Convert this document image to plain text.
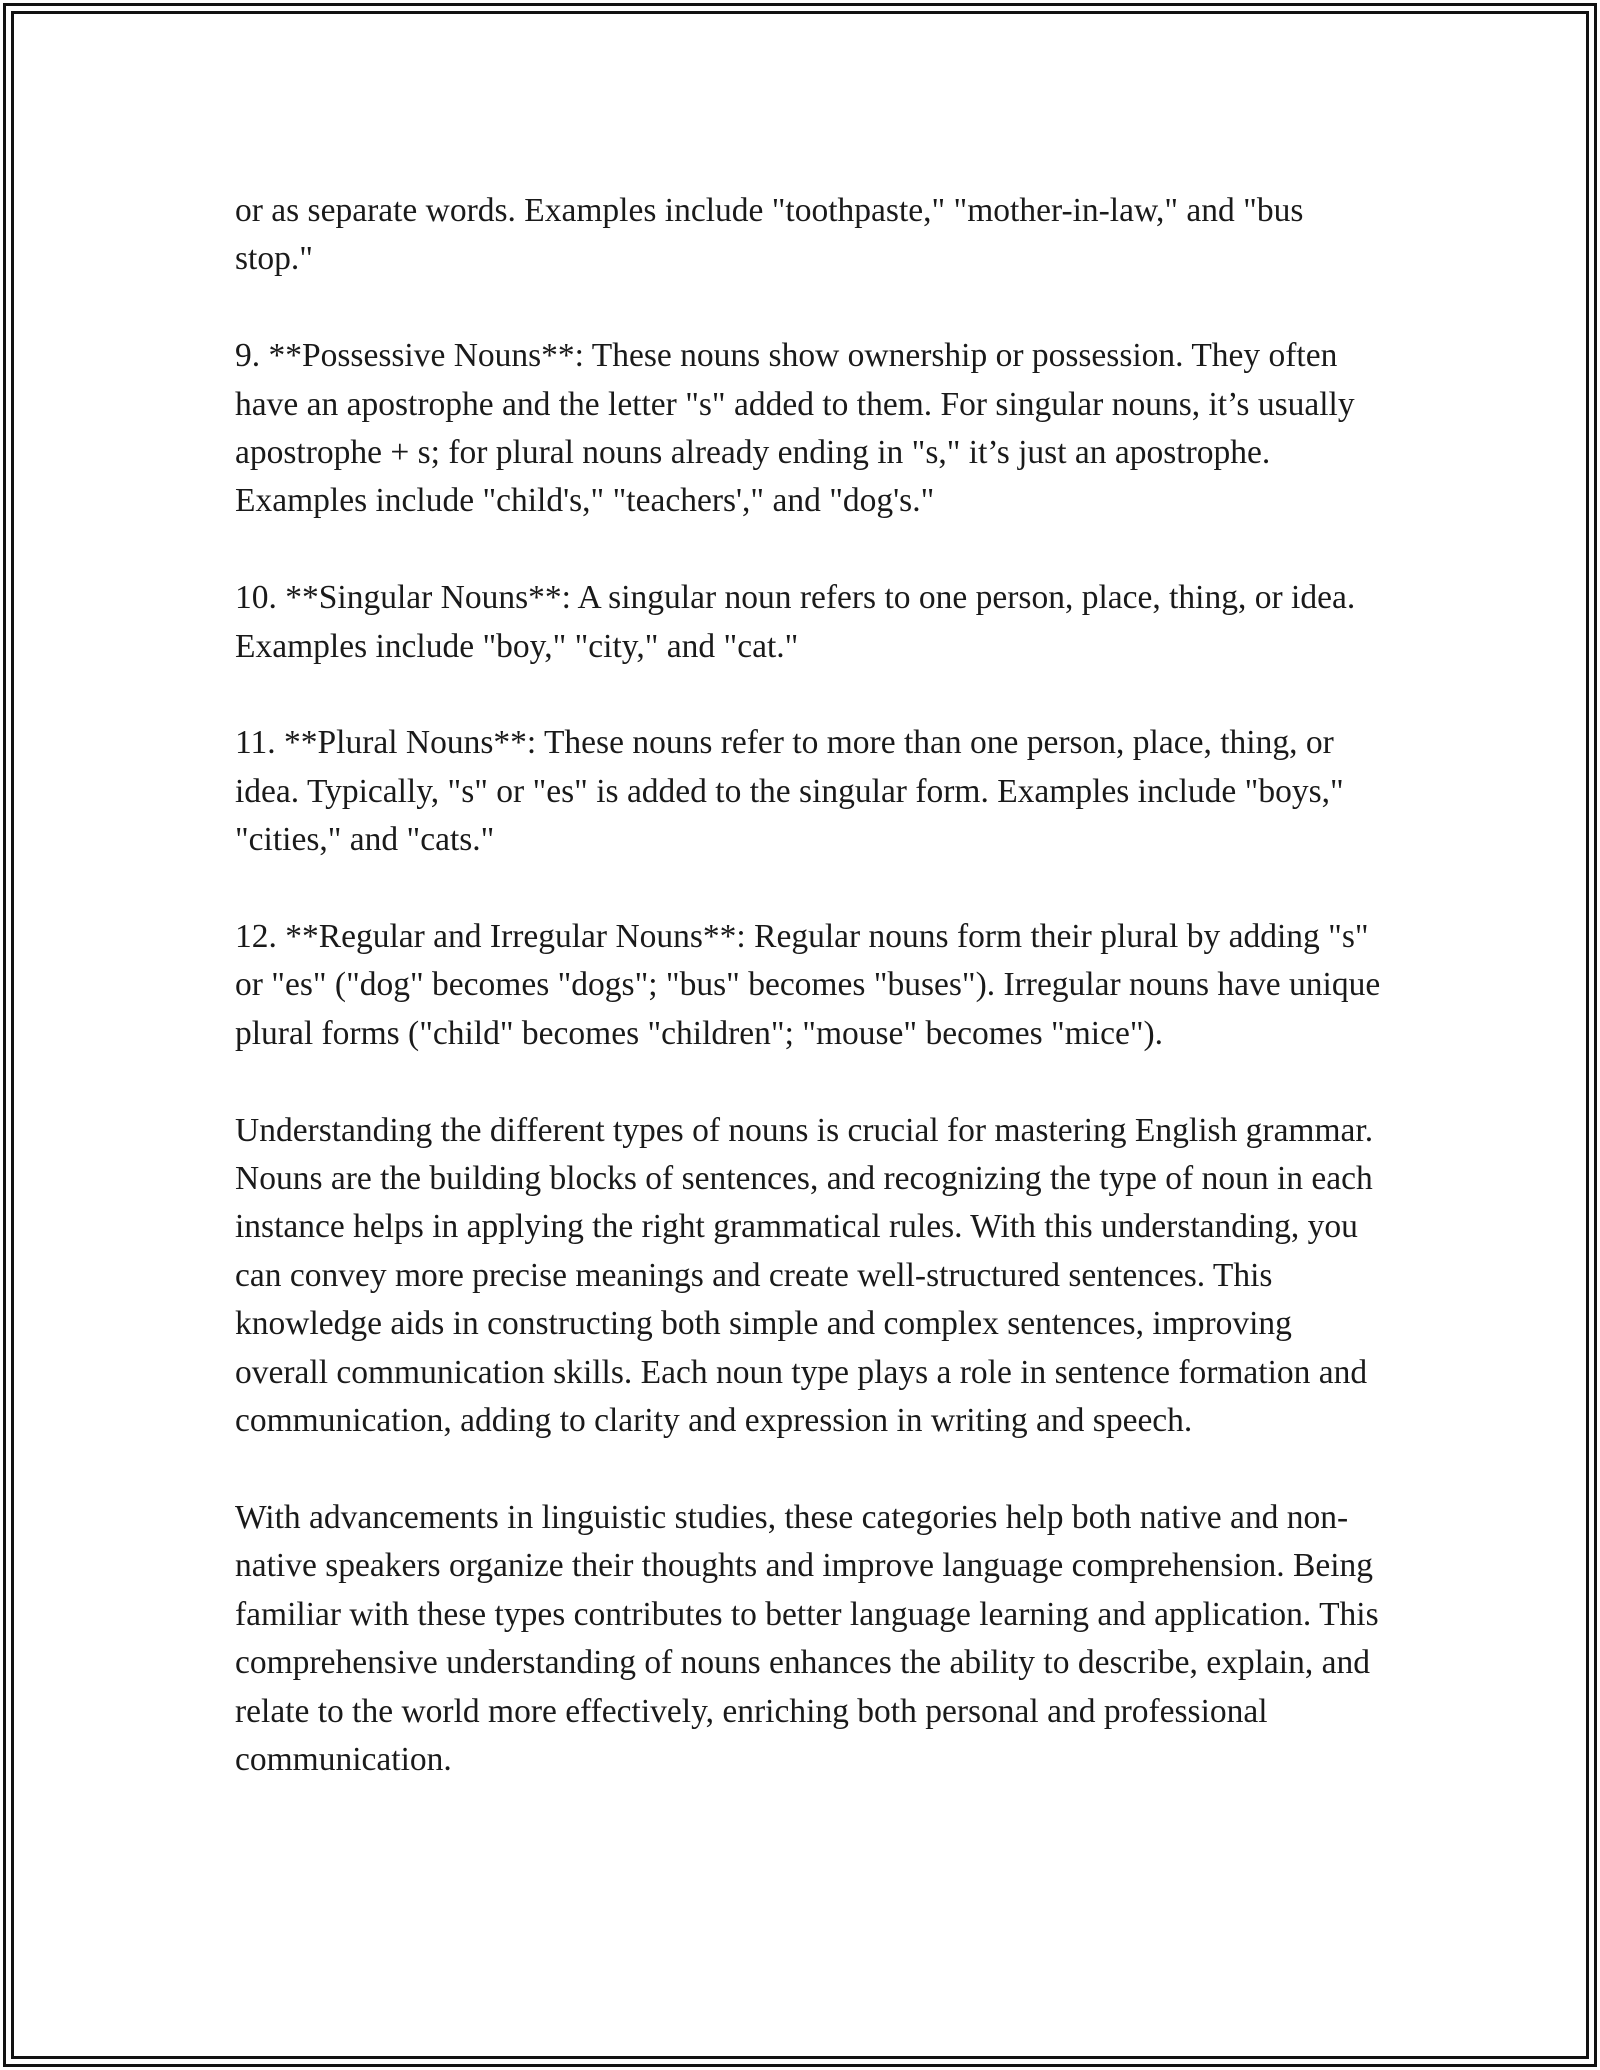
or as separate words. Examples include "toothpaste," "mother-in-law," and "bus stop."

9. **Possessive Nouns**: These nouns show ownership or possession. They often have an apostrophe and the letter "s" added to them. For singular nouns, it’s usually apostrophe + s; for plural nouns already ending in "s," it’s just an apostrophe. Examples include "child's," "teachers'," and "dog's."

10. **Singular Nouns**: A singular noun refers to one person, place, thing, or idea. Examples include "boy," "city," and "cat."

11. **Plural Nouns**: These nouns refer to more than one person, place, thing, or idea. Typically, "s" or "es" is added to the singular form. Examples include "boys," "cities," and "cats."

12. **Regular and Irregular Nouns**: Regular nouns form their plural by adding "s" or "es" ("dog" becomes "dogs"; "bus" becomes "buses"). Irregular nouns have unique plural forms ("child" becomes "children"; "mouse" becomes "mice").

Understanding the different types of nouns is crucial for mastering English grammar. Nouns are the building blocks of sentences, and recognizing the type of noun in each instance helps in applying the right grammatical rules. With this understanding, you can convey more precise meanings and create well-structured sentences. This knowledge aids in constructing both simple and complex sentences, improving overall communication skills. Each noun type plays a role in sentence formation and communication, adding to clarity and expression in writing and speech.

With advancements in linguistic studies, these categories help both native and non-native speakers organize their thoughts and improve language comprehension. Being familiar with these types contributes to better language learning and application. This comprehensive understanding of nouns enhances the ability to describe, explain, and relate to the world more effectively, enriching both personal and professional communication.
